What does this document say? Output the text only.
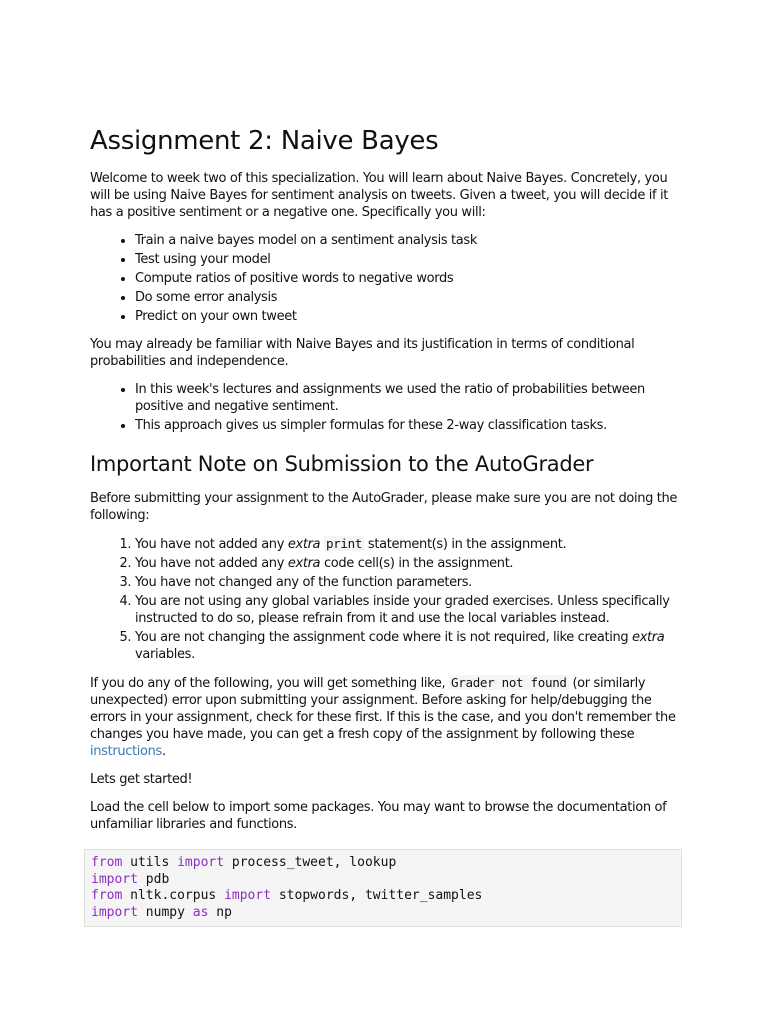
Assignment 2: Naive Bayes

Welcome to week two of this specialization. You will learn about Naive Bayes. Concretely, you will be using Naive Bayes for sentiment analysis on tweets. Given a tweet, you will decide if it has a positive sentiment or a negative one. Specifically you will:

• Train a naive bayes model on a sentiment analysis task
• Test using your model
• Compute ratios of positive words to negative words
• Do some error analysis
• Predict on your own tweet

You may already be familiar with Naive Bayes and its justification in terms of conditional probabilities and independence.

• In this week's lectures and assignments we used the ratio of probabilities between positive and negative sentiment.
• This approach gives us simpler formulas for these 2-way classification tasks.
Important Note on Submission to the AutoGrader

Before submitting your assignment to the AutoGrader, please make sure you are not doing the following:

1. You have not added any extra print statement(s) in the assignment.
2. You have not added any extra code cell(s) in the assignment.
3. You have not changed any of the function parameters.
4. You are not using any global variables inside your graded exercises. Unless specifically instructed to do so, please refrain from it and use the local variables instead.
5. You are not changing the assignment code where it is not required, like creating extra variables.

If you do any of the following, you will get something like, Grader not found (or similarly unexpected) error upon submitting your assignment. Before asking for help/debugging the errors in your assignment, check for these first. If this is the case, and you don't remember the changes you have made, you can get a fresh copy of the assignment by following these instructions.

Lets get started!

Load the cell below to import some packages. You may want to browse the documentation of unfamiliar libraries and functions.

from utils import process_tweet, lookup
import pdb
from nltk.corpus import stopwords, twitter_samples
import numpy as np
